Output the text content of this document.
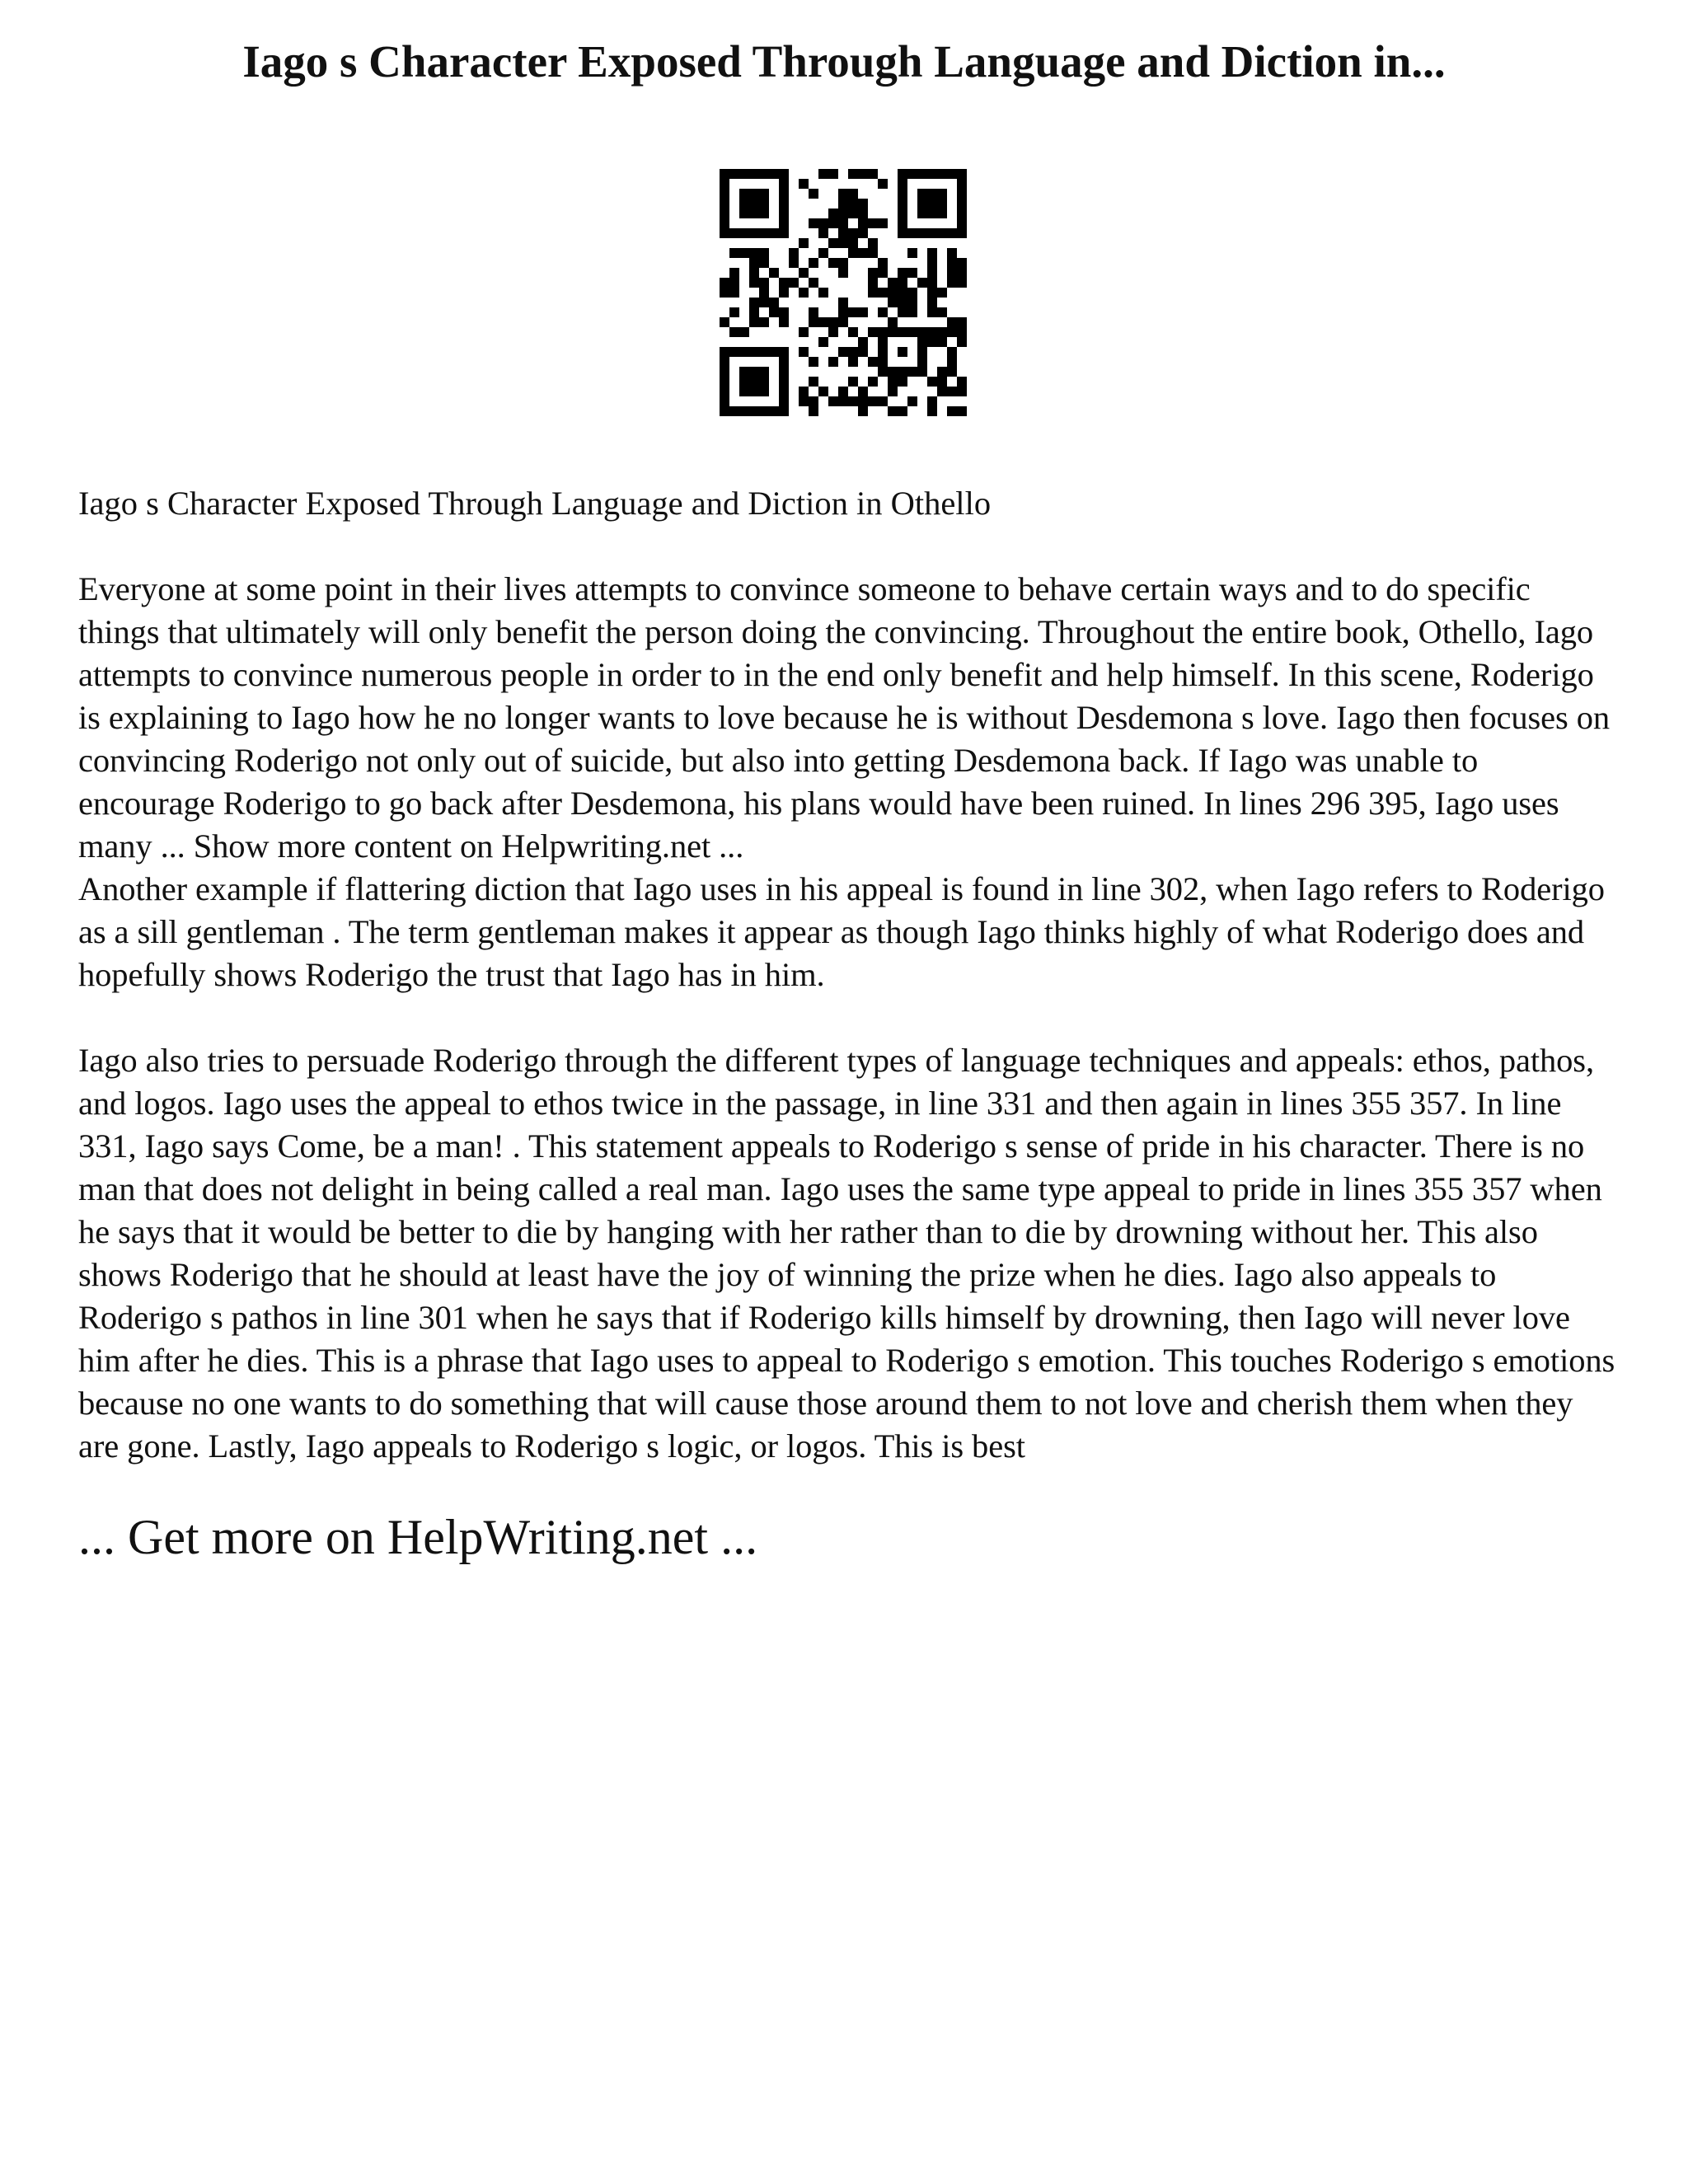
Iago s Character Exposed Through Language and Diction in...

Iago s Character Exposed Through Language and Diction in Othello

Everyone at some point in their lives attempts to convince someone to behave certain ways and to do specific things that ultimately will only benefit the person doing the convincing. Throughout the entire book, Othello, Iago attempts to convince numerous people in order to in the end only benefit and help himself. In this scene, Roderigo is explaining to Iago how he no longer wants to love because he is without Desdemona s love. Iago then focuses on convincing Roderigo not only out of suicide, but also into getting Desdemona back. If Iago was unable to encourage Roderigo to go back after Desdemona, his plans would have been ruined. In lines 296 395, Iago uses many ... Show more content on Helpwriting.net ...

Another example if flattering diction that Iago uses in his appeal is found in line 302, when Iago refers to Roderigo as a sill gentleman . The term gentleman makes it appear as though Iago thinks highly of what Roderigo does and hopefully shows Roderigo the trust that Iago has in him.

Iago also tries to persuade Roderigo through the different types of language techniques and appeals: ethos, pathos, and logos. Iago uses the appeal to ethos twice in the passage, in line 331 and then again in lines 355 357. In line 331, Iago says Come, be a man! . This statement appeals to Roderigo s sense of pride in his character. There is no man that does not delight in being called a real man. Iago uses the same type appeal to pride in lines 355 357 when he says that it would be better to die by hanging with her rather than to die by drowning without her. This also shows Roderigo that he should at least have the joy of winning the prize when he dies. Iago also appeals to Roderigo s pathos in line 301 when he says that if Roderigo kills himself by drowning, then Iago will never love him after he dies. This is a phrase that Iago uses to appeal to Roderigo s emotion. This touches Roderigo s emotions because no one wants to do something that will cause those around them to not love and cherish them when they are gone. Lastly, Iago appeals to Roderigo s logic, or logos. This is best

... Get more on HelpWriting.net ...
